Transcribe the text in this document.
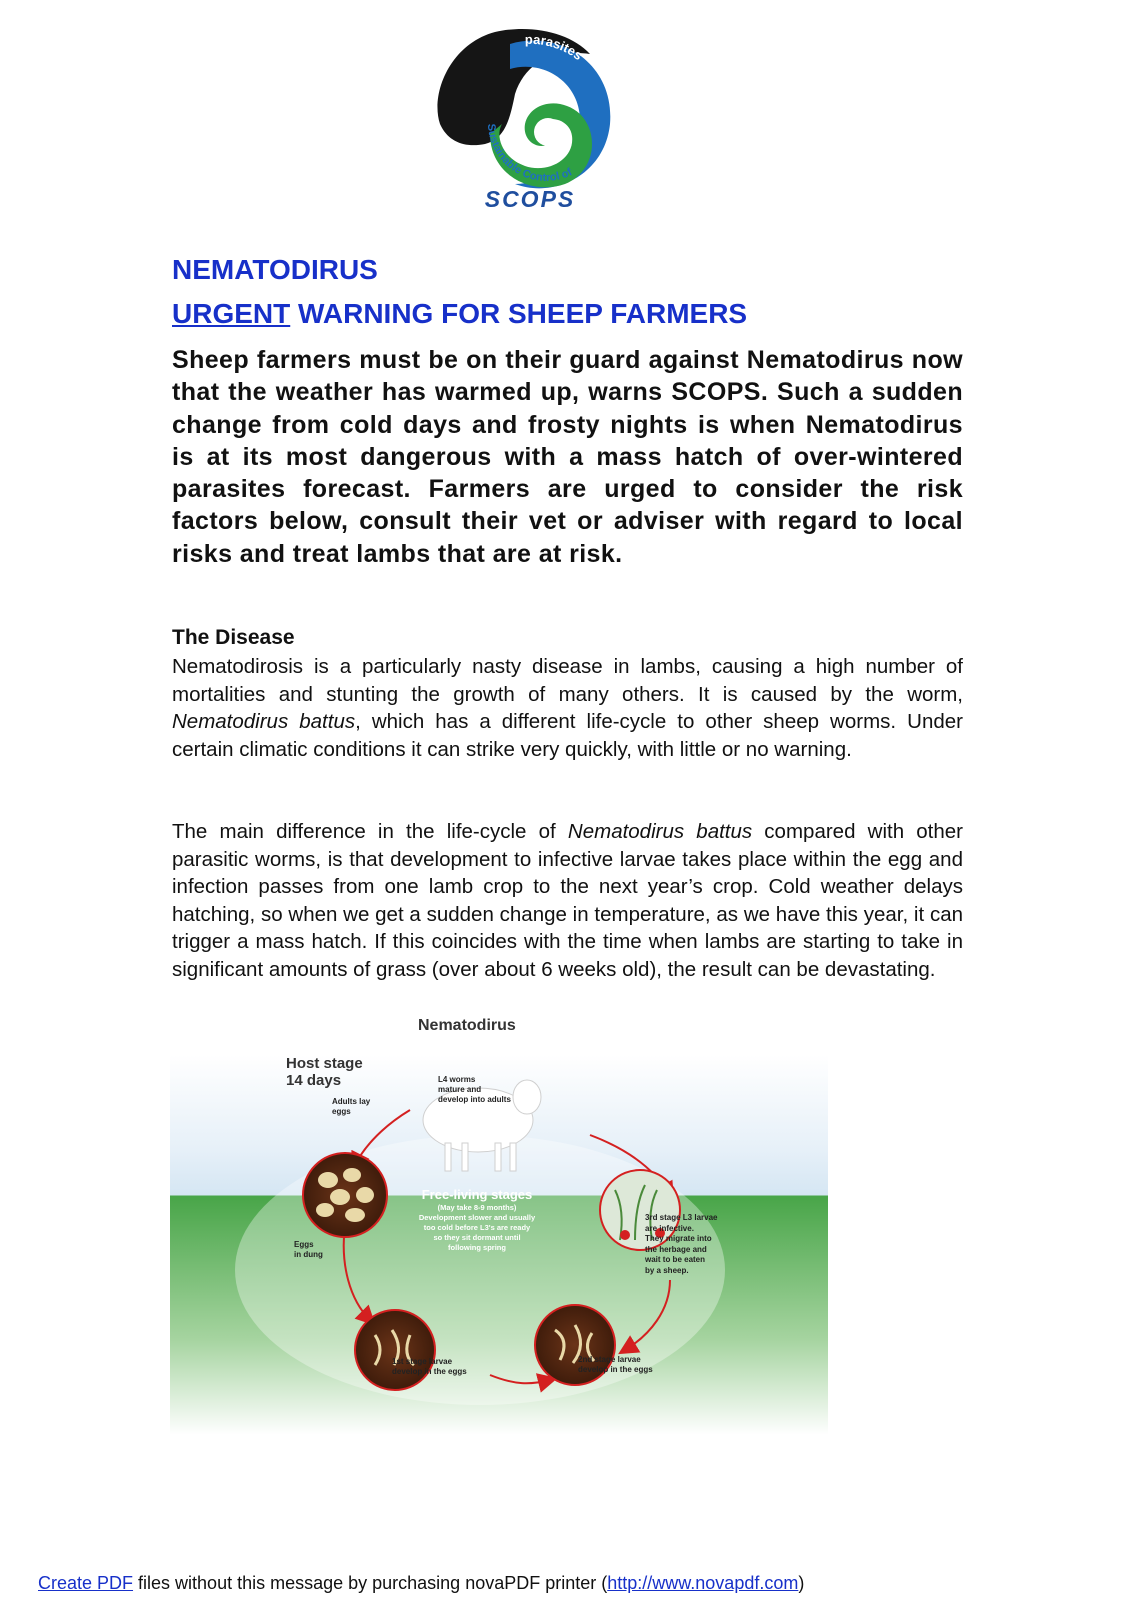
parasites
Sustainable Control of
SCOPS
NEMATODIRUS
URGENT WARNING FOR SHEEP FARMERS

Sheep farmers must be on their guard against Nematodirus now that the weather has warmed up, warns SCOPS. Such a sudden change from cold days and frosty nights is when Nematodirus is at its most dangerous with a mass hatch of over-wintered parasites forecast. Farmers are urged to consider the risk factors below, consult their vet or adviser with regard to local risks and treat lambs that are at risk.

The Disease

Nematodirosis is a particularly nasty disease in lambs, causing a high number of mortalities and stunting the growth of many others. It is caused by the worm, Nematodirus battus, which has a different life-cycle to other sheep worms. Under certain climatic conditions it can strike very quickly, with little or no warning.

The main difference in the life-cycle of Nematodirus battus compared with other parasitic worms, is that development to infective larvae takes place within the egg and infection passes from one lamb crop to the next year’s crop. Cold weather delays hatching, so when we get a sudden change in temperature, as we have this year, it can trigger a mass hatch. If this coincides with the time when lambs are starting to take in significant amounts of grass (over about 6 weeks old), the result can be devastating.

Nematodirus
Host stage
14 days
Adults lay
eggs
L4 worms
mature and
develop into adults
Free-living stages
(May take 8-9 months)
Development slower and usually
too cold before L3's are ready
so they sit dormant until
following spring
Eggs
in dung
3rd stage L3 larvae
are infective.
They migrate into
the herbage and
wait to be eaten
by a sheep.
1st stage larvae
develop in the eggs
2nd stage larvae
develop in the eggs
Create PDF files without this message by purchasing novaPDF printer (http://www.novapdf.com)
